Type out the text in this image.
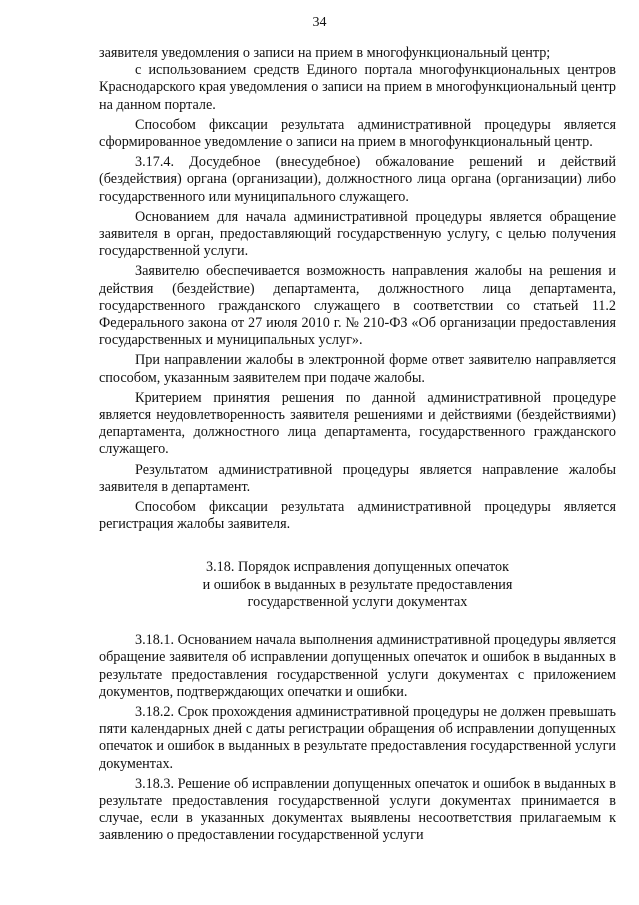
34

заявителя уведомления о записи на прием в многофункциональный центр;

с использованием средств Единого портала многофункциональных центров Краснодарского края уведомления о записи на прием в многофункциональный центр на данном портале.

Способом фиксации результата административной процедуры является сформированное уведомление о записи на прием в многофункциональный центр.

3.17.4. Досудебное (внесудебное) обжалование решений и действий (бездействия) органа (организации), должностного лица органа (организации) либо государственного или муниципального служащего.

Основанием для начала административной процедуры является обращение заявителя в орган, предоставляющий государственную услугу, с целью получения государственной услуги.

Заявителю обеспечивается возможность направления жалобы на решения и действия (бездействие) департамента, должностного лица департамента, государственного гражданского служащего в соответствии со статьей 11.2 Федерального закона от 27 июля 2010 г. № 210-ФЗ «Об организации предоставления государственных и муниципальных услуг».

При направлении жалобы в электронной форме ответ заявителю направляется способом, указанным заявителем при подаче жалобы.

Критерием принятия решения по данной административной процедуре является неудовлетворенность заявителя решениями и действиями (бездействиями) департамента, должностного лица департамента, государственного гражданского служащего.

Результатом административной процедуры является направление жалобы заявителя в департамент.

Способом фиксации результата административной процедуры является регистрация жалобы заявителя.

3.18. Порядок исправления допущенных опечаток
и ошибок в выданных в результате предоставления
государственной услуги документах

3.18.1. Основанием начала выполнения административной процедуры является обращение заявителя об исправлении допущенных опечаток и ошибок в выданных в результате предоставления государственной услуги документах с приложением документов, подтверждающих опечатки и ошибки.

3.18.2. Срок прохождения административной процедуры не должен превышать пяти календарных дней с даты регистрации обращения об исправлении допущенных опечаток и ошибок в выданных в результате предоставления государственной услуги документах.

3.18.3. Решение об исправлении допущенных опечаток и ошибок в выданных в результате предоставления государственной услуги документах принимается в случае, если в указанных документах выявлены несоответствия прилагаемым к заявлению о предоставлении государственной услуги
